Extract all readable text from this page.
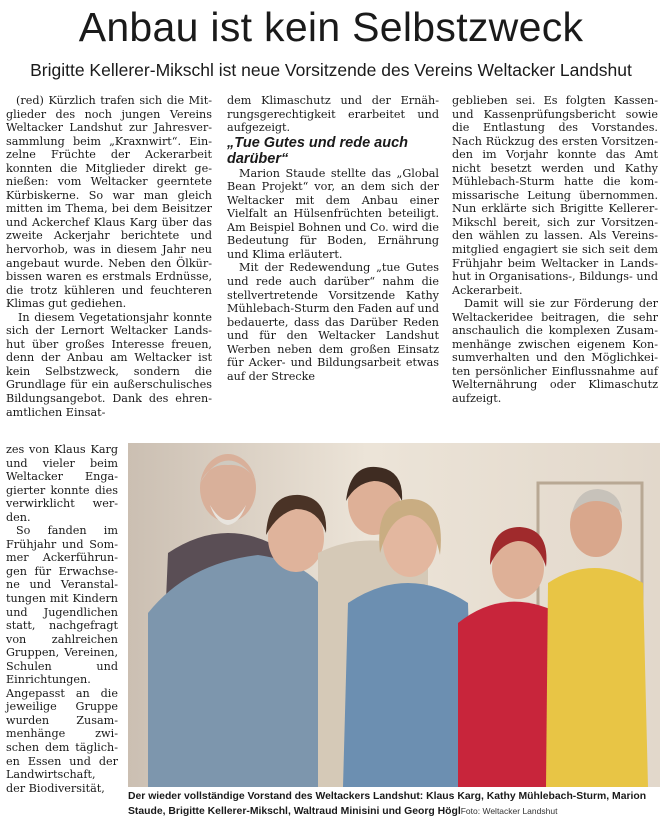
Anbau ist kein Selbstzweck
Brigitte Kellerer-Mikschl ist neue Vorsitzende des Vereins Weltacker Landshut

(red) Kürzlich trafen sich die Mitglieder des noch jungen Vereins Weltacker Landshut zur Jahresversammlung beim „Kraxnwirt“. Einzelne Früchte der Ackerarbeit konnten die Mitglieder direkt genießen: vom Weltacker geerntete Kürbiskerne. So war man gleich mitten im Thema, bei dem Beisitzer und Ackerchef Klaus Karg über das zweite Ackerjahr berichtete und hervorhob, was in diesem Jahr neu angebaut wurde. Neben den Ölkürbissen waren es erstmals Erdnüsse, die trotz kühleren und feuchteren Klimas gut gediehen.

In diesem Vegetationsjahr konnte sich der Lernort Weltacker Landshut über großes Interesse freuen, denn der Anbau am Weltacker ist kein Selbstzweck, sondern die Grundlage für ein außerschulisches Bildungsangebot. Dank des ehrenamtlichen Einsat-

zes von Klaus Karg und vieler beim Weltacker Engagierter konnte dies verwirklicht werden.

So fanden im Frühjahr und Sommer Ackerführungen für Erwachsene und Veranstaltungen mit Kindern und Jugendlichen statt, nachgefragt von zahlreichen Gruppen, Vereinen, Schulen und Einrichtungen. Angepasst an die jeweilige Gruppe wurden Zusammenhänge zwischen dem täglichen Essen und der Landwirtschaft, der Biodiversität,

dem Klimaschutz und der Ernährungsgerechtigkeit erarbeitet und aufgezeigt.

„Tue Gutes und rede auch darüber“

Marion Staude stellte das „Global Bean Projekt“ vor, an dem sich der Weltacker mit dem Anbau einer Vielfalt an Hülsenfrüchten beteiligt. Am Beispiel Bohnen und Co. wird die Bedeutung für Boden, Ernährung und Klima erläutert.

Mit der Redewendung „tue Gutes und rede auch darüber“ nahm die stellvertretende Vorsitzende Kathy Mühlebach-Sturm den Faden auf und bedauerte, dass das Darüber Reden und für den Weltacker Landshut Werben neben dem großen Einsatz für Acker- und Bildungsarbeit etwas auf der Strecke

geblieben sei. Es folgten Kassen- und Kassenprüfungsbericht sowie die Entlastung des Vorstandes. Nach Rückzug des ersten Vorsitzenden im Vorjahr konnte das Amt nicht besetzt werden und Kathy Mühlebach-Sturm hatte die kommissarische Leitung übernommen. Nun erklärte sich Brigitte Kellerer-Mikschl bereit, sich zur Vorsitzenden wählen zu lassen. Als Vereinsmitglied engagiert sie sich seit dem Frühjahr beim Weltacker in Landshut in Organisations-, Bildungs- und Ackerarbeit.

Damit will sie zur Förderung der Weltackeridee beitragen, die sehr anschaulich die komplexen Zusammenhänge zwischen eigenem Konsumverhalten und den Möglichkeiten persönlicher Einflussnahme auf Welternährung oder Klimaschutz aufzeigt.

Der wieder vollständige Vorstand des Weltackers Landshut: Klaus Karg, Kathy Mühlebach-Sturm, Marion Staude, Brigitte Kellerer-Mikschl, Waltraud Minisini und Georg HöglFoto: Weltacker Landshut
